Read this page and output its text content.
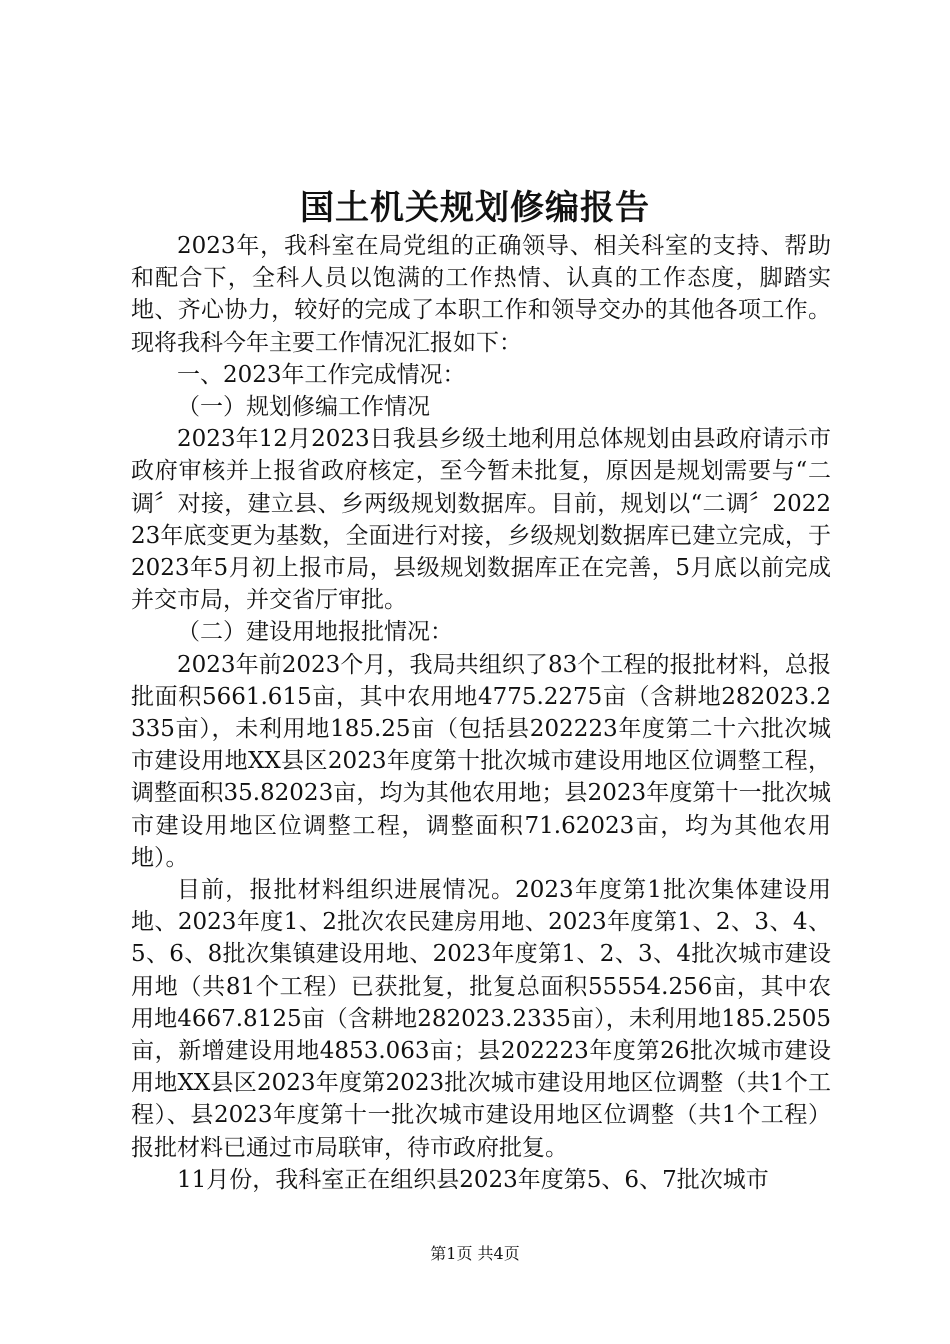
国土机关规划修编报告

2023年，我科室在局党组的正确领导、相关科室的支持、帮助和配合下，全科人员以饱满的工作热情、认真的工作态度，脚踏实地、齐心协力，较好的完成了本职工作和领导交办的其他各项工作。现将我科今年主要工作情况汇报如下：

一、2023年工作完成情况：

（一）规划修编工作情况

2023年12月2023日我县乡级土地利用总体规划由县政府请示市政府审核并上报省政府核定，至今暂未批复，原因是规划需要与“二调〞对接，建立县、乡两级规划数据库。目前，规划以“二调〞202223年底变更为基数，全面进行对接，乡级规划数据库已建立完成，于2023年5月初上报市局，县级规划数据库正在完善，5月底以前完成并交市局，并交省厅审批。

（二）建设用地报批情况：

2023年前2023个月，我局共组织了83个工程的报批材料，总报批面积5661.615亩，其中农用地4775.2275亩（含耕地282023.2335亩），未利用地185.25亩（包括县202223年度第二十六批次城市建设用地XX县区2023年度第十批次城市建设用地区位调整工程，调整面积35.82023亩，均为其他农用地；县2023年度第十一批次城市建设用地区位调整工程，调整面积71.62023亩，均为其他农用地）。

目前，报批材料组织进展情况。2023年度第1批次集体建设用地、2023年度1、2批次农民建房用地、2023年度第1、2、3、4、5、6、8批次集镇建设用地、2023年度第1、2、3、4批次城市建设用地（共81个工程）已获批复，批复总面积55554.256亩，其中农用地4667.8125亩（含耕地282023.2335亩），未利用地185.2505亩，新增建设用地4853.063亩；县202223年度第26批次城市建设用地XX县区2023年度第2023批次城市建设用地区位调整（共1个工程）、县2023年度第十一批次城市建设用地区位调整（共1个工程）报批材料已通过市局联审，待市政府批复。

11月份，我科室正在组织县2023年度第5、6、7批次城市

第1页 共4页
